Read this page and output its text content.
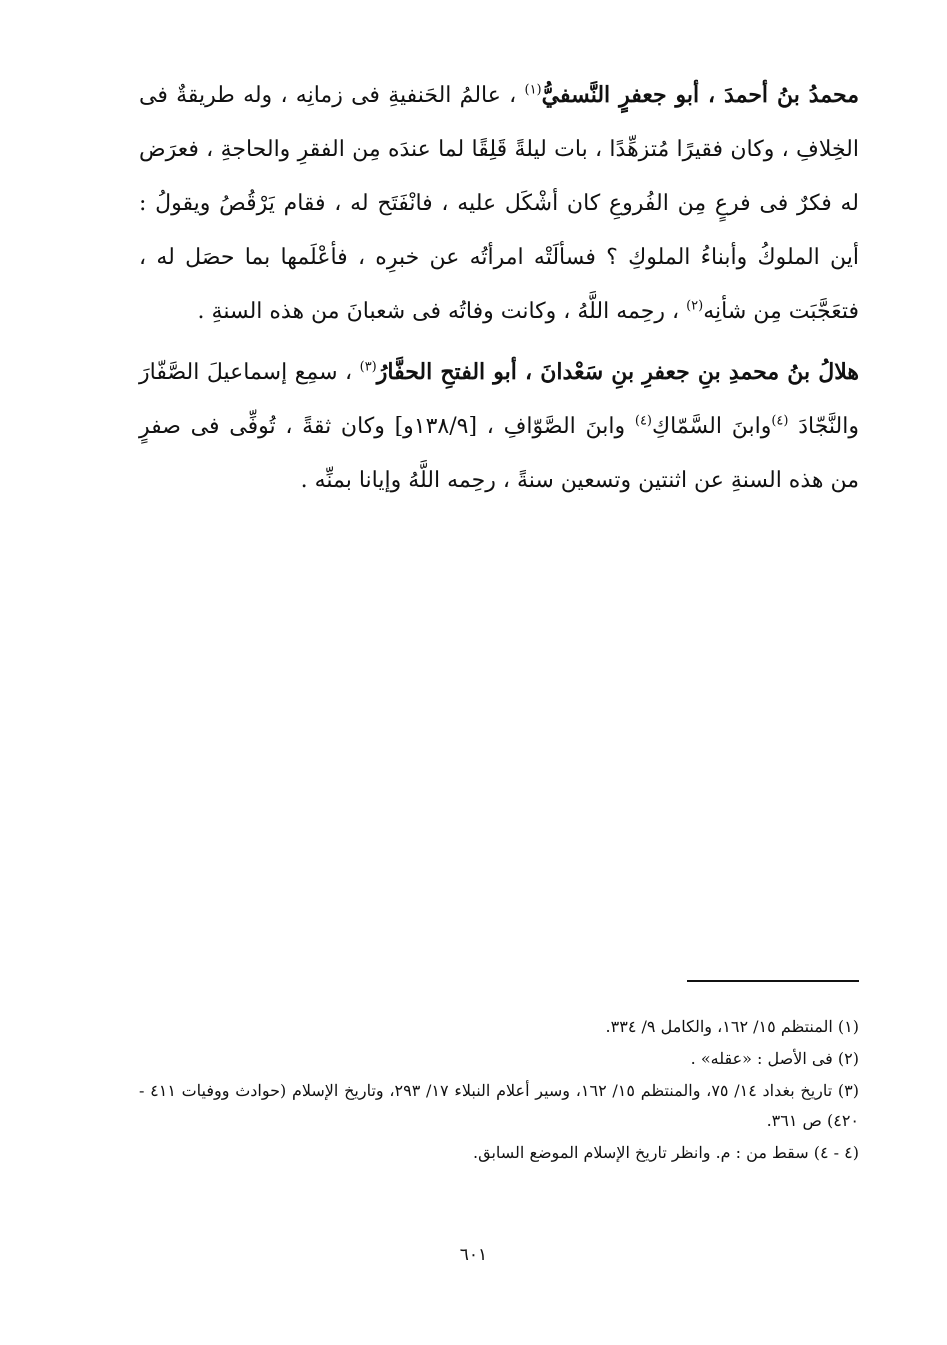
محمدُ بنُ أحمدَ ، أبو جعفرٍ النَّسفيُّ$^{(١)}$ ، عالمُ الحَنفيةِ فى زمانِه ، وله طريقةٌ فى الخِلافِ ، وكان فقيرًا مُتزهِّدًا ، بات ليلةً قَلِقًا لما عندَه مِن الفقرِ والحاجةِ ، فعرَض له فكرٌ فى فرعٍ مِن الفُروعِ كان أشْكَل عليه ، فانْفَتَح له ، فقام يَرْقُصُ ويقولُ : أين الملوكُ وأبناءُ الملوكِ ؟ فسألَتْه امرأتُه عن خبرِه ، فأعْلَمها بما حصَل له ، فتعَجَّبَت مِن شأنِه$^{(٢)}$ ، رحِمه اللَّهُ ، وكانت وفاتُه فى شعبانَ من هذه السنةِ .

هلالُ بنُ محمدِ بنِ جعفرِ بنِ سَعْدانَ ، أبو الفتحِ الحفَّارُ$^{(٣)}$ ، سمِع إسماعيلَ الصَّفّارَ والنَّجّادَ $^{(٤)}$وابنَ السَّمّاكِ$^{(٤)}$ وابنَ الصَّوّافِ ، [١٣٨/٩و] وكان ثقةً ، تُوفِّى فى صفرٍ من هذه السنةِ عن اثنتين وتسعين سنةً ، رحِمه اللَّهُ وإيانا بمنِّه .

(١) المنتظم ١٥/ ١٦٢، والكامل ٩/ ٣٣٤.

(٢) فى الأصل : «عقله» .

(٣) تاريخ بغداد ١٤/ ٧٥، والمنتظم ١٥/ ١٦٢، وسير أعلام النبلاء ١٧/ ٢٩٣، وتاريخ الإسلام (حوادث ووفيات ٤١١ - ٤٢٠) ص ٣٦١.

(٤ - ٤) سقط من : م. وانظر تاريخ الإسلام الموضع السابق.

٦٠١
